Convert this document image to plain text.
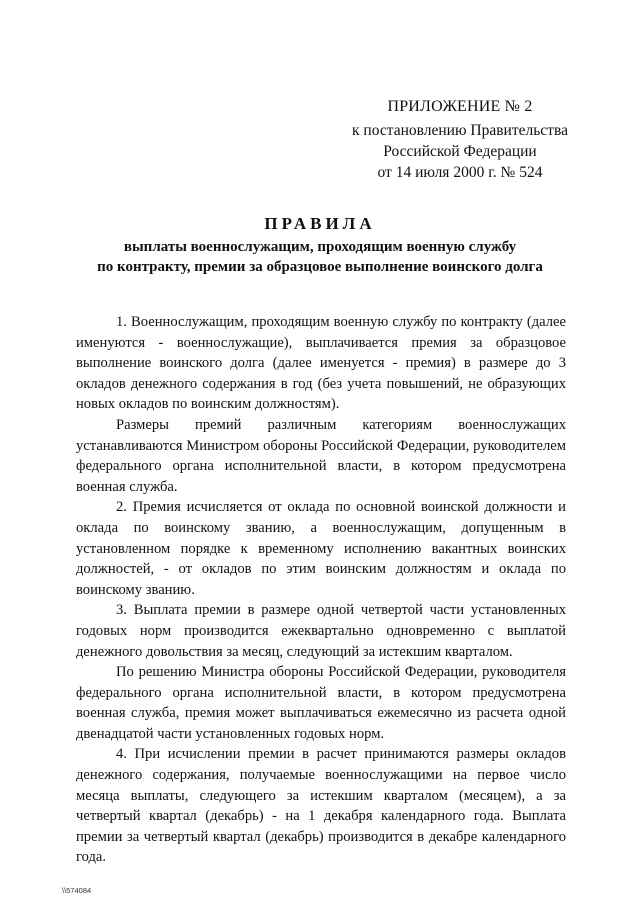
ПРИЛОЖЕНИЕ № 2
к постановлению Правительства
Российской Федерации
от 14 июля 2000 г. № 524
ПРАВИЛА
выплаты военнослужащим, проходящим военную службу
по контракту, премии за образцовое выполнение воинского долга

1. Военнослужащим, проходящим военную службу по контракту (далее именуются - военнослужащие), выплачивается премия за образцовое выполнение воинского долга (далее именуется - премия) в размере до 3 окладов денежного содержания в год (без учета повышений, не образующих новых окладов по воинским должностям).

Размеры премий различным категориям военнослужащих устанавливаются Министром обороны Российской Федерации, руководителем федерального органа исполнительной власти, в котором предусмотрена военная служба.

2. Премия исчисляется от оклада по основной воинской должности и оклада по воинскому званию, а военнослужащим, допущенным в установленном порядке к временному исполнению вакантных воинских должностей, - от окладов по этим воинским должностям и оклада по воинскому званию.

3. Выплата премии в размере одной четвертой части установленных годовых норм производится ежеквартально одновременно с выплатой денежного довольствия за месяц, следующий за истекшим кварталом.

По решению Министра обороны Российской Федерации, руководителя федерального органа исполнительной власти, в котором предусмотрена военная служба, премия может выплачиваться ежемесячно из расчета одной двенадцатой части установленных годовых норм.

4. При исчислении премии в расчет принимаются размеры окладов денежного содержания, получаемые военнослужащими на первое число месяца выплаты, следующего за истекшим кварталом (месяцем), а за четвертый квартал (декабрь) - на 1 декабря календарного года. Выплата премии за четвертый квартал (декабрь) производится в декабре календарного года.

\\574084
